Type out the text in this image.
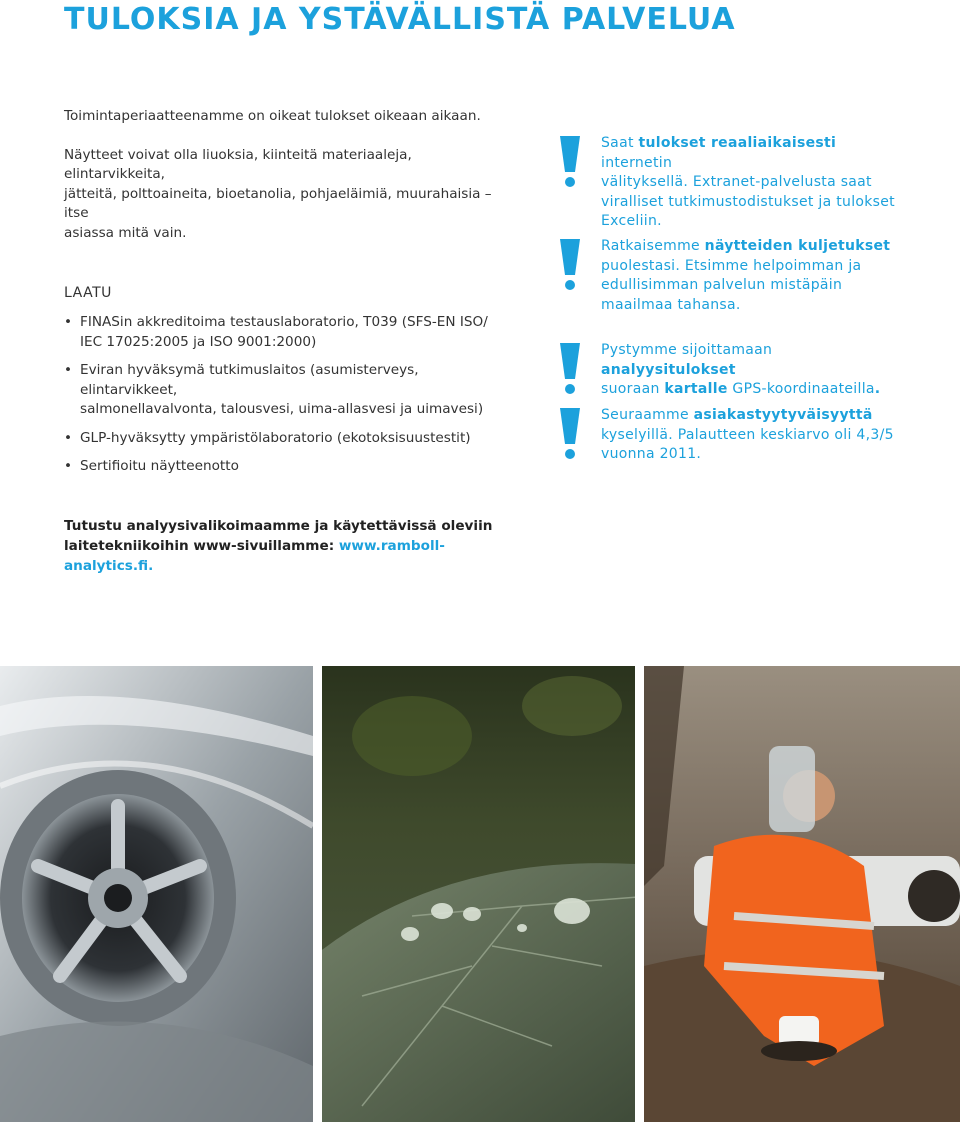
TULOKSIA JA YSTÄVÄLLISTÄ PALVELUA

Toimintaperiaatteenamme on oikeat tulokset oikeaan aikaan.

Näytteet voivat olla liuoksia, kiinteitä materiaaleja, elintarvikkeita,
jätteitä, polttoaineita, bioetanolia, pohjaeläimiä, muurahaisia – itse
asiassa mitä vain.

LAATU
• FINASin akkreditoima testauslaboratorio, T039 (SFS-EN ISO/
IEC 17025:2005 ja ISO 9001:2000)
• Eviran hyväksymä tutkimuslaitos (asumisterveys, elintarvikkeet,
salmonellavalvonta, talousvesi, uima-allasvesi ja uimavesi)
• GLP-hyväksytty ympäristölaboratorio (ekotoksisuustestit)
• Sertifioitu näytteenotto
Saat tulokset reaaliaikaisesti internetin
välityksellä. Extranet-palvelusta saat
viralliset tutkimustodistukset ja tulokset
Exceliin.
Ratkaisemme näytteiden kuljetukset
puolestasi. Etsimme helpoimman ja
edullisimman palvelun mistäpäin
maailmaa tahansa.
Pystymme sijoittamaan analyysitulokset
suoraan kartalle GPS-koordinaateilla.
Seuraamme asiakastyytyväisyyttä
kyselyillä. Palautteen keskiarvo oli 4,3/5
vuonna 2011.

Tutustu analyysivalikoimaamme ja käytettävissä oleviin
laitetekniikoihin www-sivuillamme: www.ramboll-analytics.fi.
